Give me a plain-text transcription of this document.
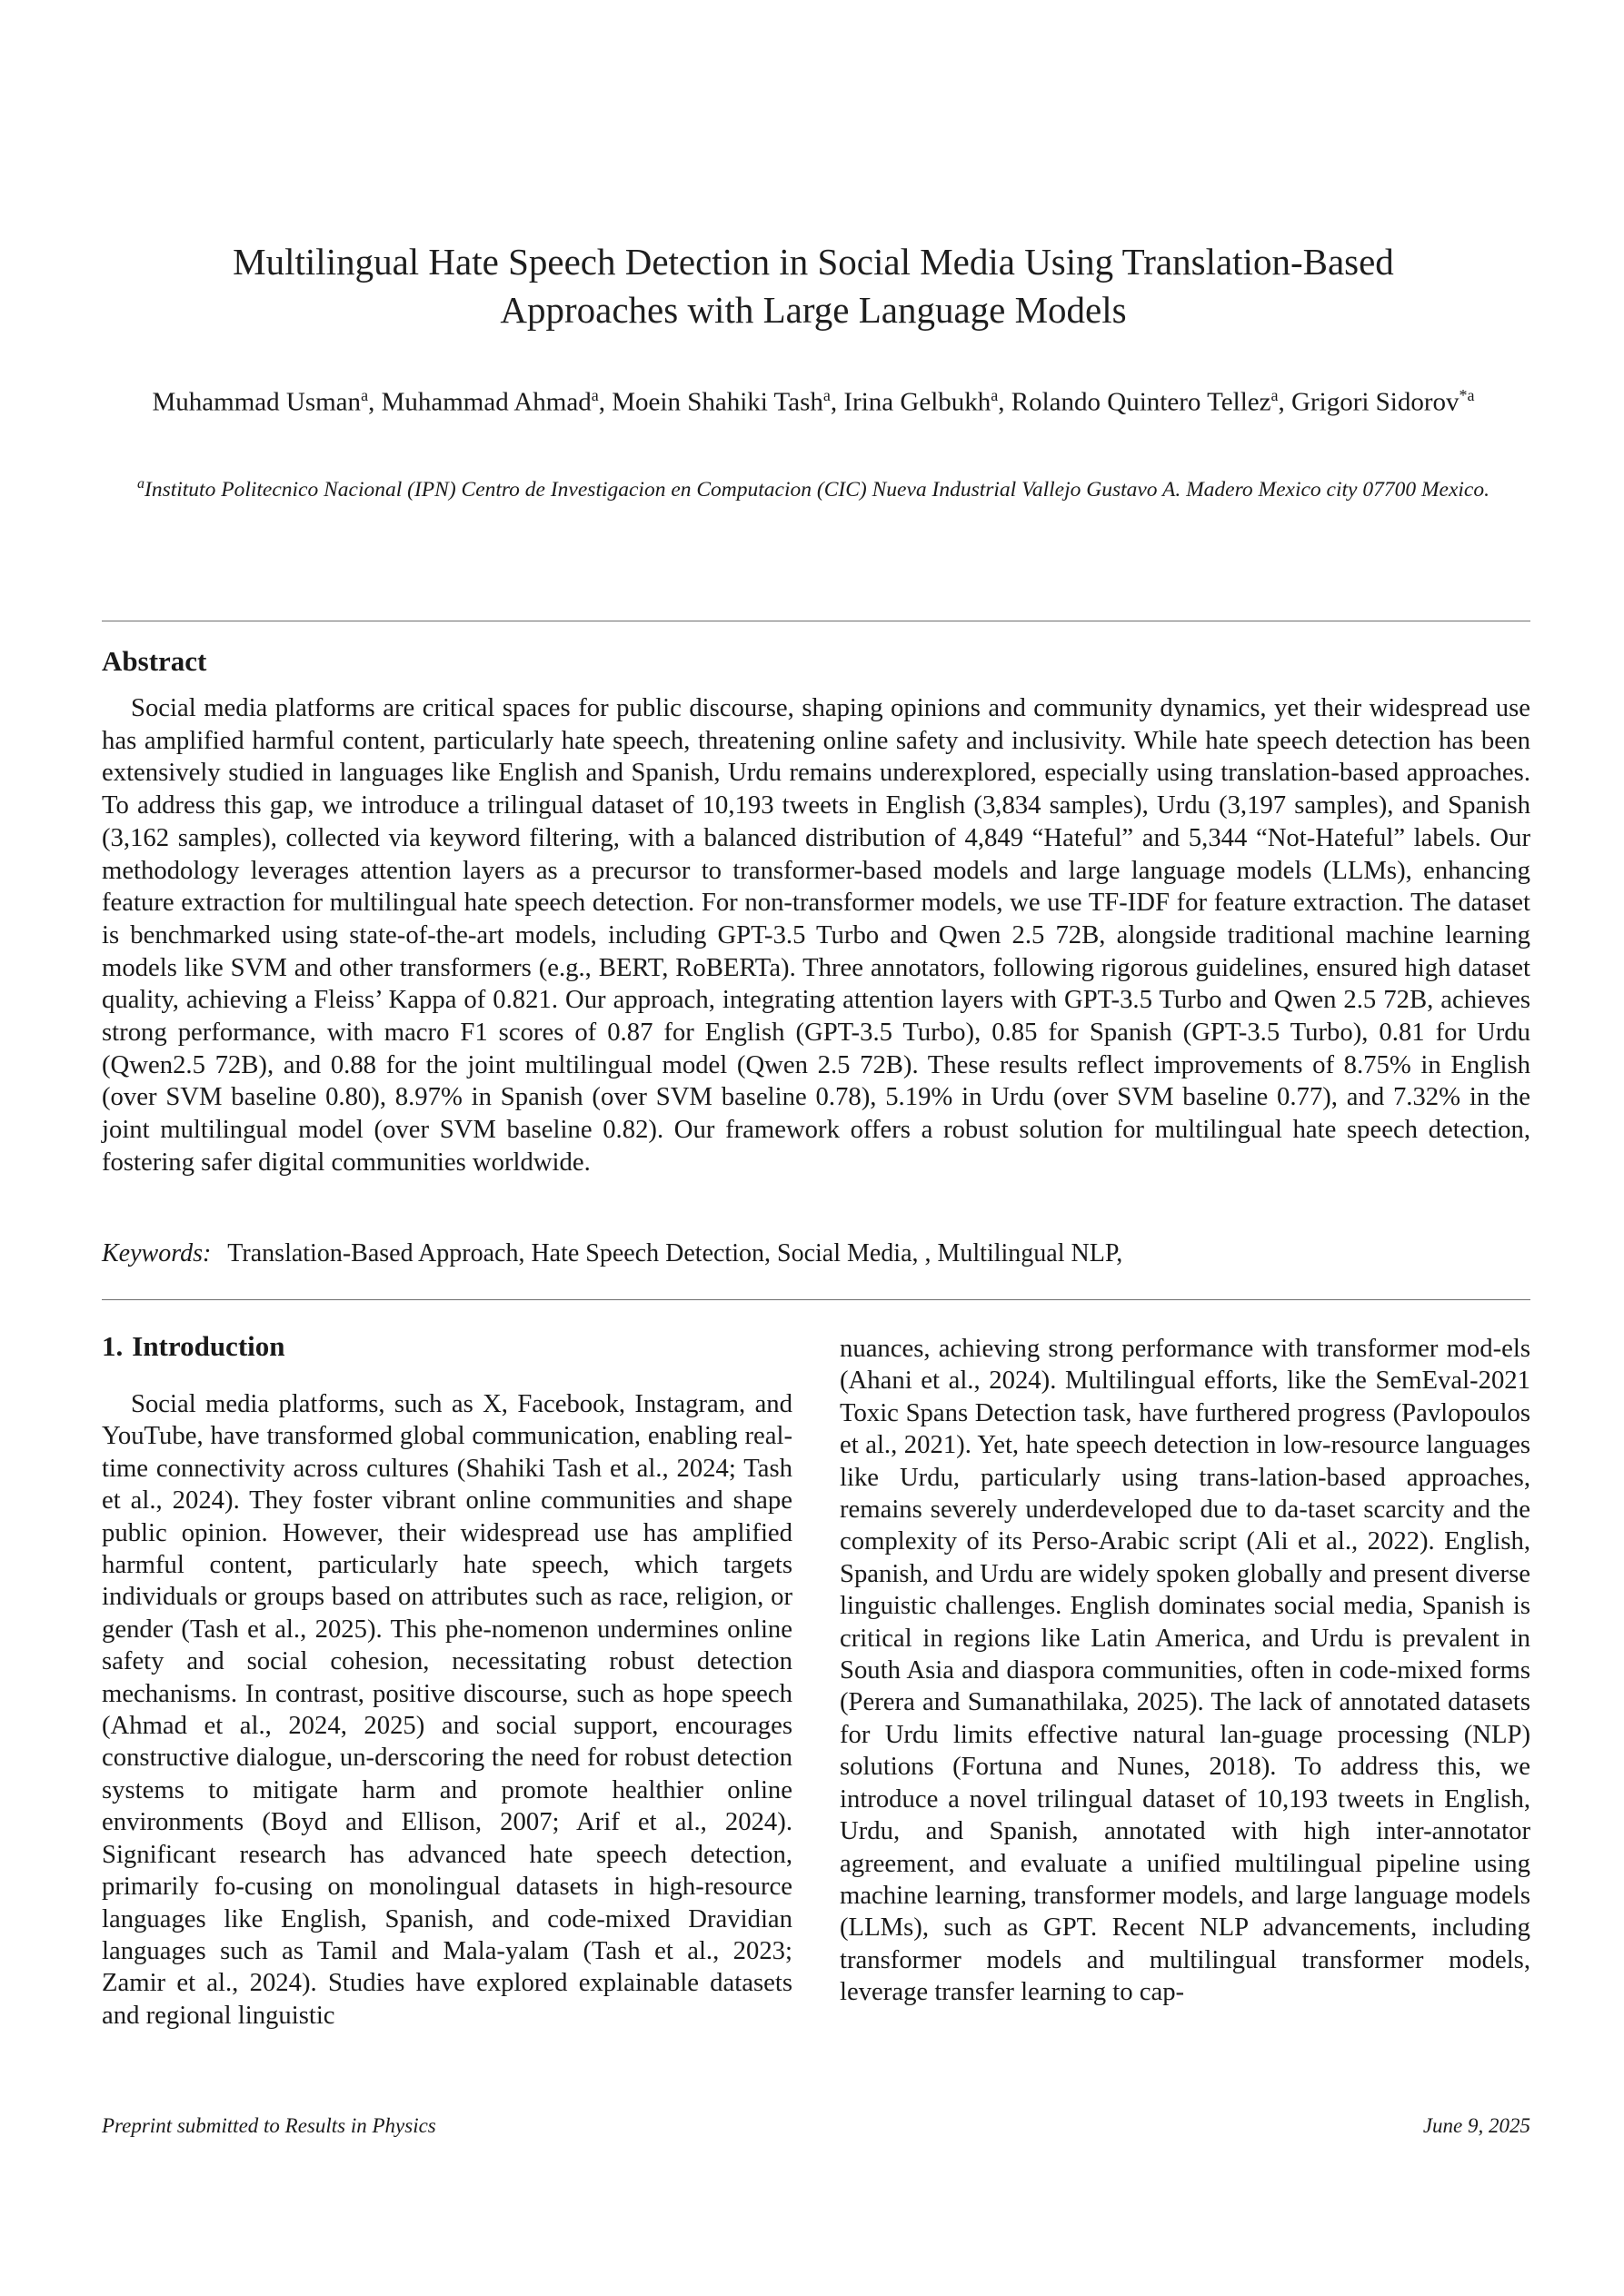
Multilingual Hate Speech Detection in Social Media Using Translation-Based
Approaches with Large Language Models
Muhammad Usman$^a$, Muhammad Ahmad$^a$, Moein Shahiki Tash$^a$, Irina Gelbukh$^a$, Rolando Quintero Tellez$^a$, Grigori Sidorov$^{*a}$
$^a$Instituto Politecnico Nacional (IPN) Centro de Investigacion en Computacion (CIC) Nueva Industrial Vallejo Gustavo A. Madero Mexico city 07700 Mexico.
Abstract

Social media platforms are critical spaces for public discourse, shaping opinions and community dynamics, yet their widespread use has amplified harmful content, particularly hate speech, threatening online safety and inclusivity. While hate speech detection has been extensively studied in languages like English and Spanish, Urdu remains underexplored, especially using translation-based approaches. To address this gap, we introduce a trilingual dataset of 10,193 tweets in English (3,834 samples), Urdu (3,197 samples), and Spanish (3,162 samples), collected via keyword filtering, with a balanced distribution of 4,849 “Hateful” and 5,344 “Not-Hateful” labels. Our methodology leverages attention layers as a precursor to transformer-based models and large language models (LLMs), enhancing feature extraction for multilingual hate speech detection. For non-transformer models, we use TF-IDF for feature extraction. The dataset is benchmarked using state-of-the-art models, including GPT-3.5 Turbo and Qwen 2.5 72B, alongside traditional machine learning models like SVM and other transformers (e.g., BERT, RoBERTa). Three annotators, following rigorous guidelines, ensured high dataset quality, achieving a Fleiss’ Kappa of 0.821. Our approach, integrating attention layers with GPT-3.5 Turbo and Qwen 2.5 72B, achieves strong performance, with macro F1 scores of 0.87 for English (GPT-3.5 Turbo), 0.85 for Spanish (GPT-3.5 Turbo), 0.81 for Urdu (Qwen2.5 72B), and 0.88 for the joint multilingual model (Qwen 2.5 72B). These results reflect improvements of 8.75% in English (over SVM baseline 0.80), 8.97% in Spanish (over SVM baseline 0.78), 5.19% in Urdu (over SVM baseline 0.77), and 7.32% in the joint multilingual model (over SVM baseline 0.82). Our framework offers a robust solution for multilingual hate speech detection, fostering safer digital communities worldwide.

Keywords: Translation-Based Approach, Hate Speech Detection, Social Media, , Multilingual NLP,
1. Introduction

Social media platforms, such as X, Facebook, Instagram, and YouTube, have transformed global communication, enabling real-time connectivity across cultures (Shahiki Tash et al., 2024; Tash et al., 2024). They foster vibrant online communities and shape public opinion. However, their widespread use has amplified harmful content, particularly hate speech, which targets individuals or groups based on attributes such as race, religion, or gender (Tash et al., 2025). This phe-nomenon undermines online safety and social cohesion, necessitating robust detection mechanisms. In contrast, positive discourse, such as hope speech (Ahmad et al., 2024, 2025) and social support, encourages constructive dialogue, un-derscoring the need for robust detection systems to mitigate harm and promote healthier online environments (Boyd and Ellison, 2007; Arif et al., 2024). Significant research has advanced hate speech detection, primarily fo-cusing on monolingual datasets in high-resource languages like English, Spanish, and code-mixed Dravidian languages such as Tamil and Mala-yalam (Tash et al., 2023; Zamir et al., 2024). Studies have explored explainable datasets and regional linguistic

nuances, achieving strong performance with transformer mod-els (Ahani et al., 2024). Multilingual efforts, like the SemEval-2021 Toxic Spans Detection task, have furthered progress (Pavlopoulos et al., 2021). Yet, hate speech detection in low-resource languages like Urdu, particularly using trans-lation-based approaches, remains severely underdeveloped due to da-taset scarcity and the complexity of its Perso-Arabic script (Ali et al., 2022). English, Spanish, and Urdu are widely spoken globally and present diverse linguistic challenges. English dominates social media, Spanish is critical in regions like Latin America, and Urdu is prevalent in South Asia and diaspora communities, often in code-mixed forms (Perera and Sumanathilaka, 2025). The lack of annotated datasets for Urdu limits effective natural lan-guage processing (NLP) solutions (Fortuna and Nunes, 2018). To address this, we introduce a novel trilingual dataset of 10,193 tweets in English, Urdu, and Spanish, annotated with high inter-annotator agreement, and evaluate a unified multilingual pipeline using machine learning, transformer models, and large language models (LLMs), such as GPT. Recent NLP advancements, including transformer models and multilingual transformer models, leverage transfer learning to cap-

Preprint submitted to Results in Physics	June 9, 2025
